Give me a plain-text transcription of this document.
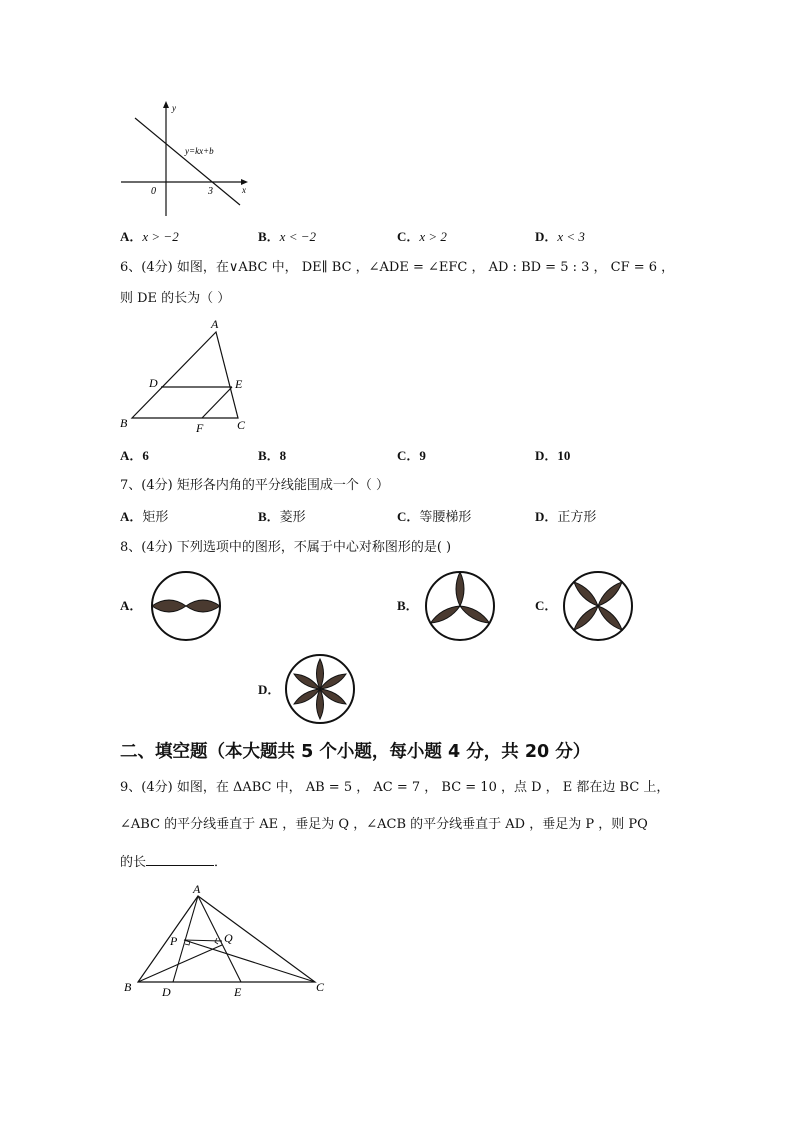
y
x
0	3
y=kx+b
A．x > −2	B．x < −2	C．x > 2	D．x < 3
6、(4分) 如图，在∨ABC 中， DE∥ BC ，∠ADE = ∠EFC ， AD : BD = 5 : 3 ， CF = 6 ，
则 DE 的长为（ ）
A
B	C
D	E
F
A．6	B．8	C．9	D．10
7、(4分) 矩形各内角的平分线能围成一个（ ）
A．矩形	B．菱形	C．等腰梯形	D．正方形
8、(4分) 下列选项中的图形，不属于中心对称图形的是( )
A．	B．	C．
D．
二、填空题（本大题共 5 个小题，每小题 4 分，共 20 分）
9、(4分) 如图，在 ΔABC 中， AB = 5 ， AC = 7 ， BC = 10 ，点 D ， E 都在边 BC 上，
∠ABC 的平分线垂直于 AE ，垂足为 Q ，∠ACB 的平分线垂直于 AD ，垂足为 P ，则 PQ
的长	．
A
B	C
D	E
P	Q
